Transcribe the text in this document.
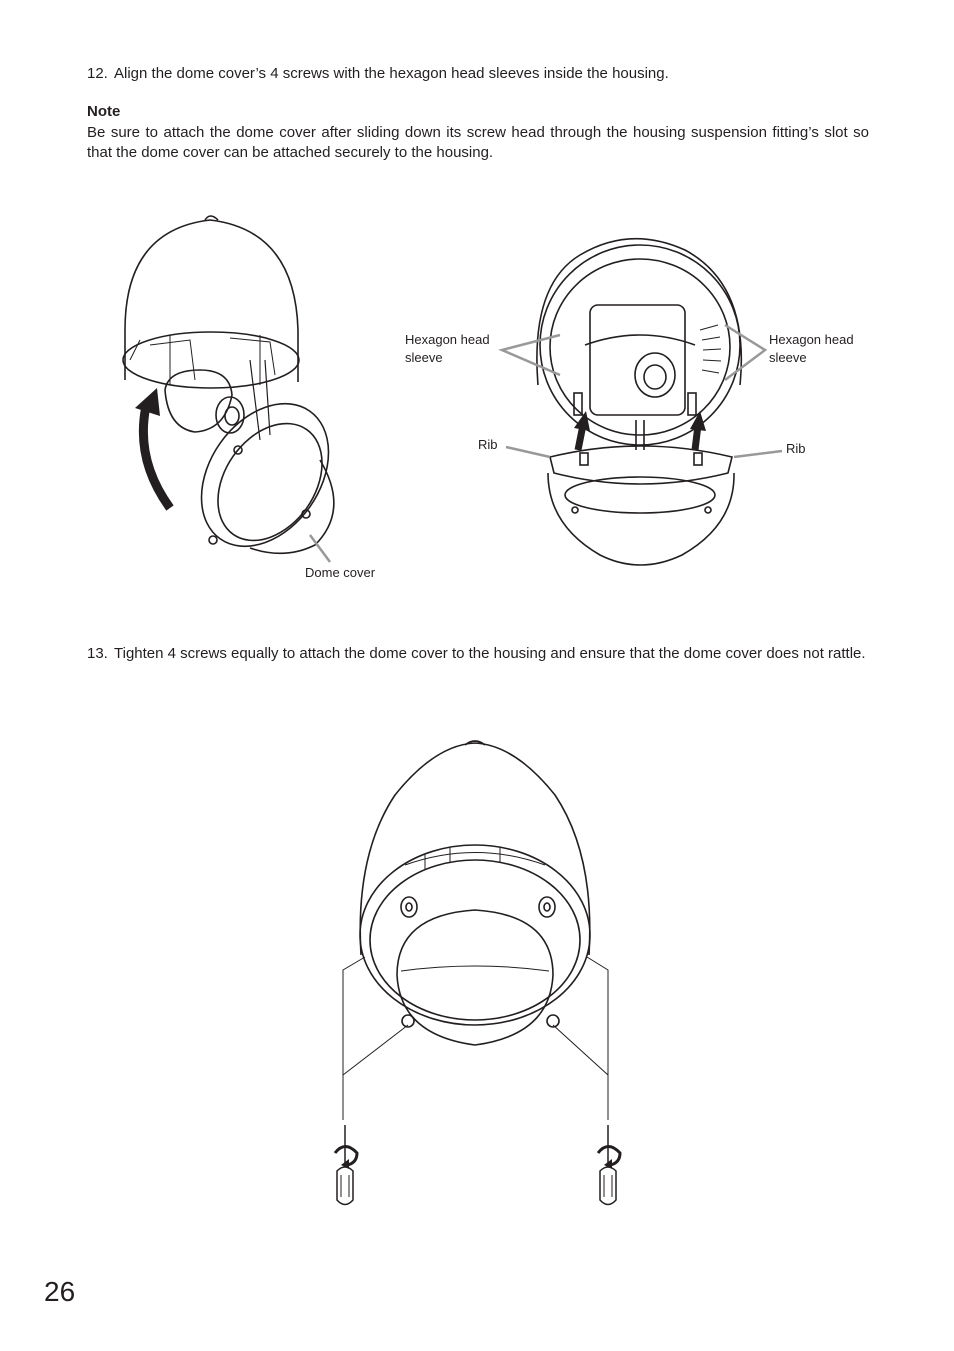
12. Align the dome cover’s 4 screws with the hexagon head sleeves inside the housing.
Note
Be sure to attach the dome cover after sliding down its screw head through the housing suspension fitting’s slot so that the dome cover can be attached securely to the housing.
Hexagon head sleeve
Hexagon head sleeve
Rib	Rib
Dome cover
13. Tighten 4 screws equally to attach the dome cover to the housing and ensure that the dome cover does not rattle.
26
